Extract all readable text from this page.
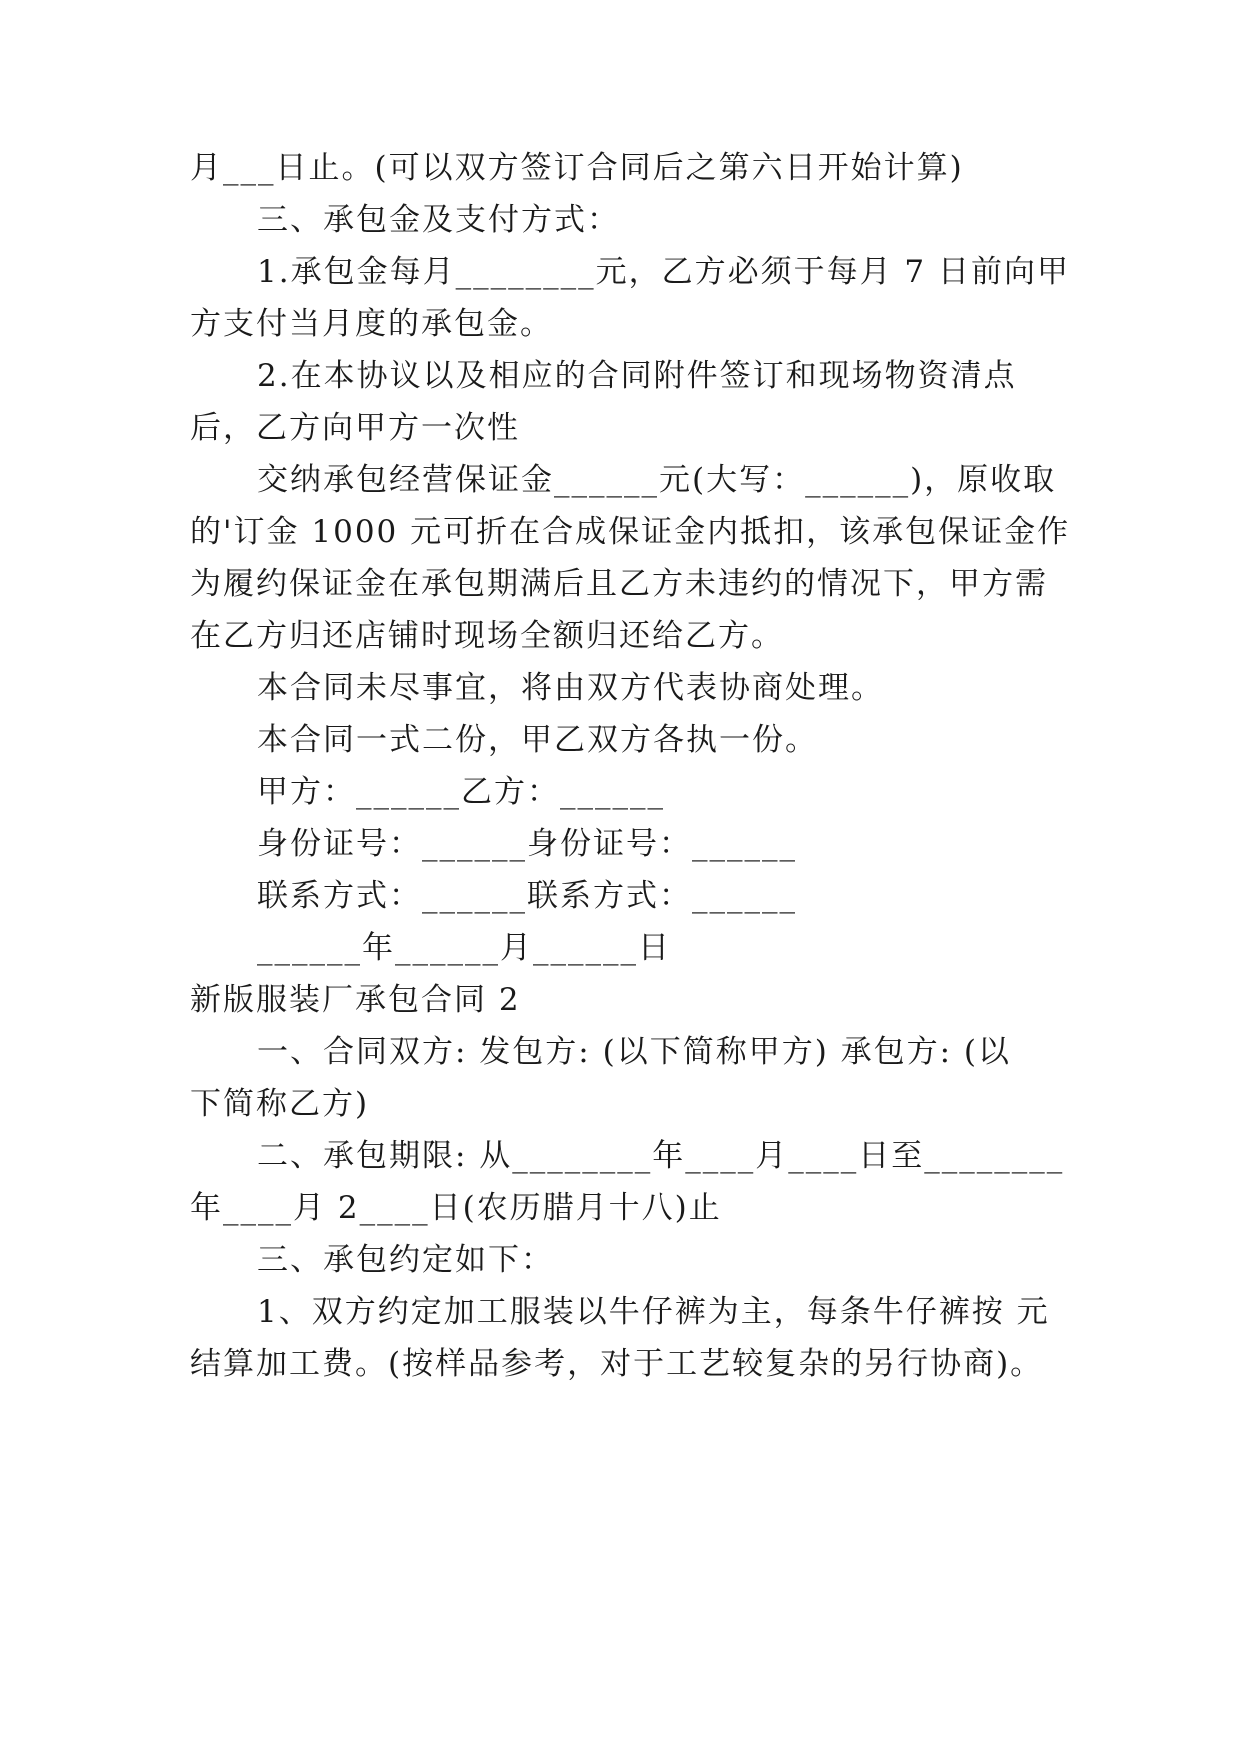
月___日止。(可以双方签订合同后之第六日开始计算)
三、承包金及支付方式：
1.承包金每月________元，乙方必须于每月 7 日前向甲
方支付当月度的承包金。
2.在本协议以及相应的合同附件签订和现场物资清点
后，乙方向甲方一次性
交纳承包经营保证金______元(大写：______)，原收取
的'订金 1000 元可折在合成保证金内抵扣，该承包保证金作
为履约保证金在承包期满后且乙方未违约的情况下，甲方需
在乙方归还店铺时现场全额归还给乙方。
本合同未尽事宜，将由双方代表协商处理。
本合同一式二份，甲乙双方各执一份。
甲方：______乙方：______
身份证号：______身份证号：______
联系方式：______联系方式：______
______年______月______日
新版服装厂承包合同 2
一、合同双方: 发包方: (以下简称甲方) 承包方: (以
下简称乙方)
二、承包期限: 从________年____月____日至________
年____月 2____日(农历腊月十八)止
三、承包约定如下：
1、双方约定加工服装以牛仔裤为主，每条牛仔裤按 元
结算加工费。(按样品参考，对于工艺较复杂的另行协商)。
